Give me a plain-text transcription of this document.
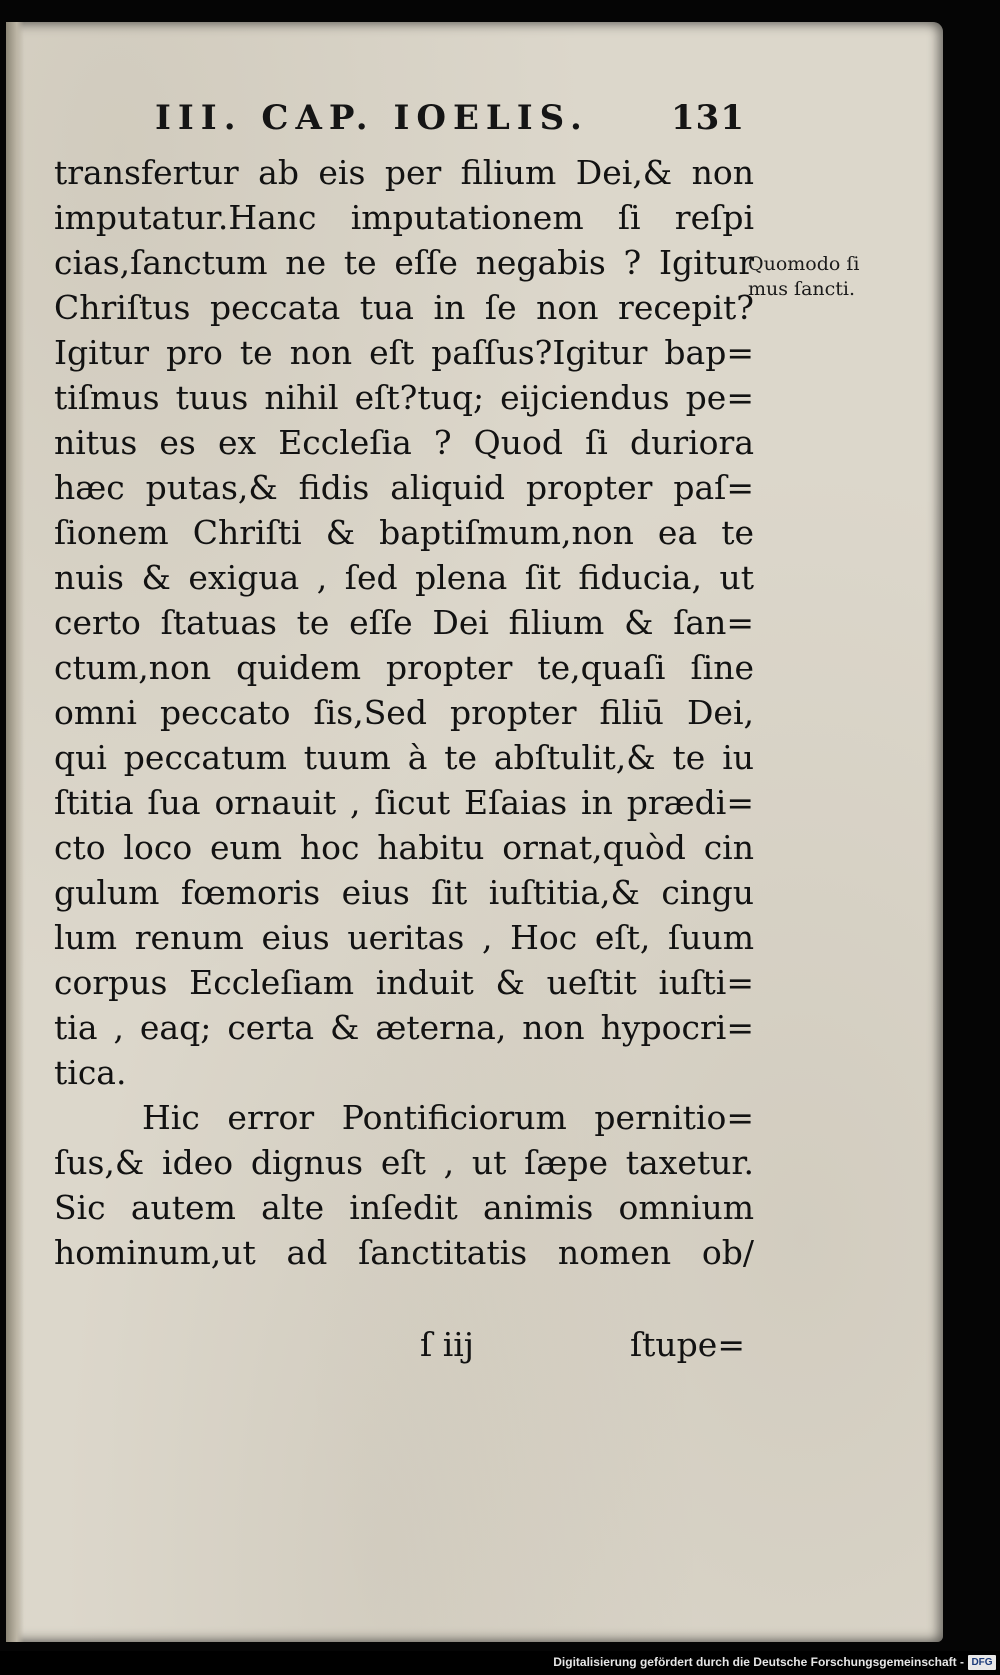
III. CAP. IOELIS. 131
transfertur ab eis per filium Dei,& non
imputatur.Hanc imputationem ſi reſpi
cias,ſanctum ne te eſſe negabis ? Igitur
Chriſtus peccata tua in ſe non recepit?
Igitur pro te non eſt paſſus?Igitur bap=
tiſmus tuus nihil eſt?tuq; eijciendus pe=
nitus es ex Eccleſia ? Quod ſi duriora
hæc putas,& fidis aliquid propter paſ=
ſionem Chriſti & baptiſmum,non ea te
nuis & exigua , ſed plena ſit fiducia, ut
certo ſtatuas te eſſe Dei filium & ſan=
ctum,non quidem propter te,quaſi ſine
omni peccato ſis,Sed propter filiū Dei,
qui peccatum tuum à te abſtulit,& te iu
ſtitia ſua ornauit , ſicut Eſaias in prædi=
cto loco eum hoc habitu ornat,quòd cin
gulum fœmoris eius ſit iuſtitia,& cingu
lum renum eius ueritas , Hoc eſt, ſuum
corpus Eccleſiam induit & ueſtit iuſti=
tia , eaq; certa & æterna, non hypocri=
tica.
Hic error Pontificiorum pernitio=
ſus,& ideo dignus eſt , ut ſæpe taxetur.
Sic autem alte inſedit animis omnium
hominum,ut ad ſanctitatis nomen ob/
Quomodo ſi
mus ſancti.
ſ iij	ſtupe=
Digitalisierung gefördert durch die Deutsche Forschungsgemeinschaft - DFG
